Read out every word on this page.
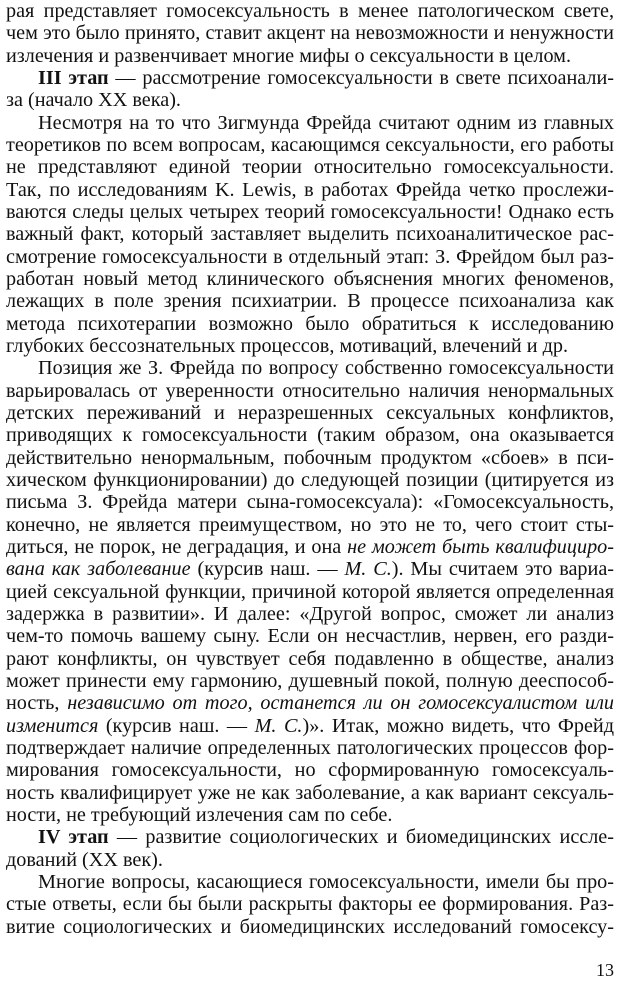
рая представляет гомосексуальность в менее патологическом свете,
чем это было принято, ставит акцент на невозможности и ненужности
излечения и развенчивает многие мифы о сексуальности в целом.
III этап — рассмотрение гомосексуальности в свете психоанали-
за (начало XX века).
Несмотря на то что Зигмунда Фрейда считают одним из главных
теоретиков по всем вопросам, касающимся сексуальности, его работы
не представляют единой теории относительно гомосексуальности.
Так, по исследованиям K. Lewis, в работах Фрейда четко прослежи-
ваются следы целых четырех теорий гомосексуальности! Однако есть
важный факт, который заставляет выделить психоаналитическое рас-
смотрение гомосексуальности в отдельный этап: З. Фрейдом был раз-
работан новый метод клинического объяснения многих феноменов,
лежащих в поле зрения психиатрии. В процессе психоанализа как
метода психотерапии возможно было обратиться к исследованию
глубоких бессознательных процессов, мотиваций, влечений и др.
Позиция же З. Фрейда по вопросу собственно гомосексуальности
варьировалась от уверенности относительно наличия ненормальных
детских переживаний и неразрешенных сексуальных конфликтов,
приводящих к гомосексуальности (таким образом, она оказывается
действительно ненормальным, побочным продуктом «сбоев» в пси-
хическом функционировании) до следующей позиции (цитируется из
письма З. Фрейда матери сына-гомосексуала): «Гомосексуальность,
конечно, не является преимуществом, но это не то, чего стоит сты-
диться, не порок, не деградация, и она не может быть квалифициро-
вана как заболевание (курсив наш. — М. С.). Мы считаем это вариа-
цией сексуальной функции, причиной которой является определенная
задержка в развитии». И далее: «Другой вопрос, сможет ли анализ
чем-то помочь вашему сыну. Если он несчастлив, нервен, его разди-
рают конфликты, он чувствует себя подавленно в обществе, анализ
может принести ему гармонию, душевный покой, полную дееспособ-
ность, независимо от того, останется ли он гомосексуалистом или
изменится (курсив наш. — М. С.)». Итак, можно видеть, что Фрейд
подтверждает наличие определенных патологических процессов фор-
мирования гомосексуальности, но сформированную гомосексуаль-
ность квалифицирует уже не как заболевание, а как вариант сексуаль-
ности, не требующий излечения сам по себе.
IV этап — развитие социологических и биомедицинских иссле-
дований (XX век).
Многие вопросы, касающиеся гомосексуальности, имели бы про-
стые ответы, если бы были раскрыты факторы ее формирования. Раз-
витие социологических и биомедицинских исследований гомосексу-
13
